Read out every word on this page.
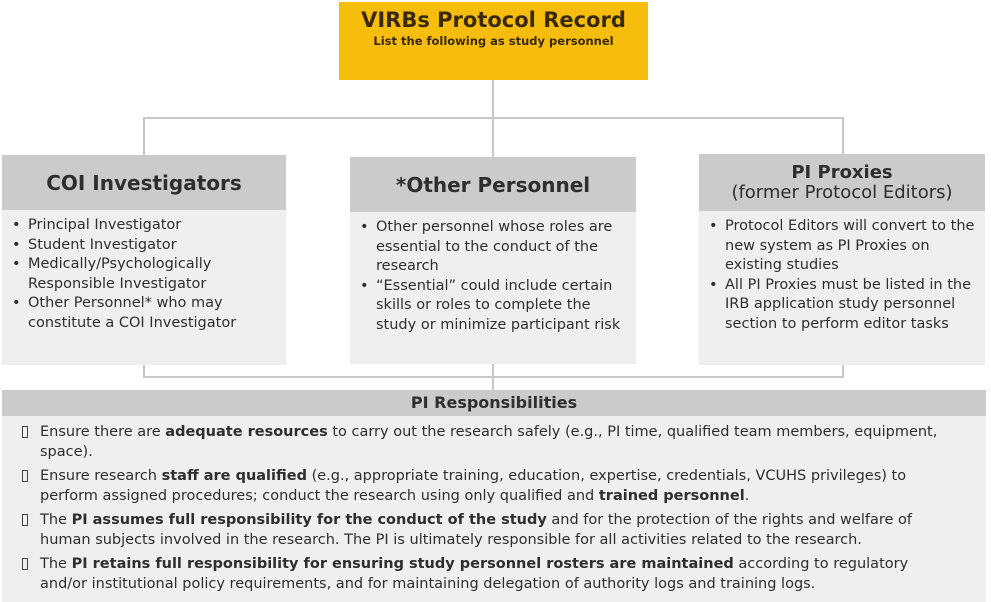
VIRBs Protocol Record
List the following as study personnel
COI Investigators
• Principal Investigator
• Student Investigator
• Medically/Psychologically Responsible Investigator
• Other Personnel* who may constitute a COI Investigator
*Other Personnel
• Other personnel whose roles are essential to the conduct of the research
• “Essential” could include certain skills or roles to complete the study or minimize participant risk
PI Proxies
(former Protocol Editors)
• Protocol Editors will convert to the new system as PI Proxies on existing studies
• All PI Proxies must be listed in the IRB application study personnel section to perform editor tasks
PI Responsibilities
Ensure there are adequate resources to carry out the research safely (e.g., PI time, qualified team members, equipment, space).
Ensure research staff are qualified (e.g., appropriate training, education, expertise, credentials, VCUHS privileges) to perform assigned procedures; conduct the research using only qualified and trained personnel.
The PI assumes full responsibility for the conduct of the study and for the protection of the rights and welfare of human subjects involved in the research. The PI is ultimately responsible for all activities related to the research.
The PI retains full responsibility for ensuring study personnel rosters are maintained according to regulatory and/or institutional policy requirements, and for maintaining delegation of authority logs and training logs.
